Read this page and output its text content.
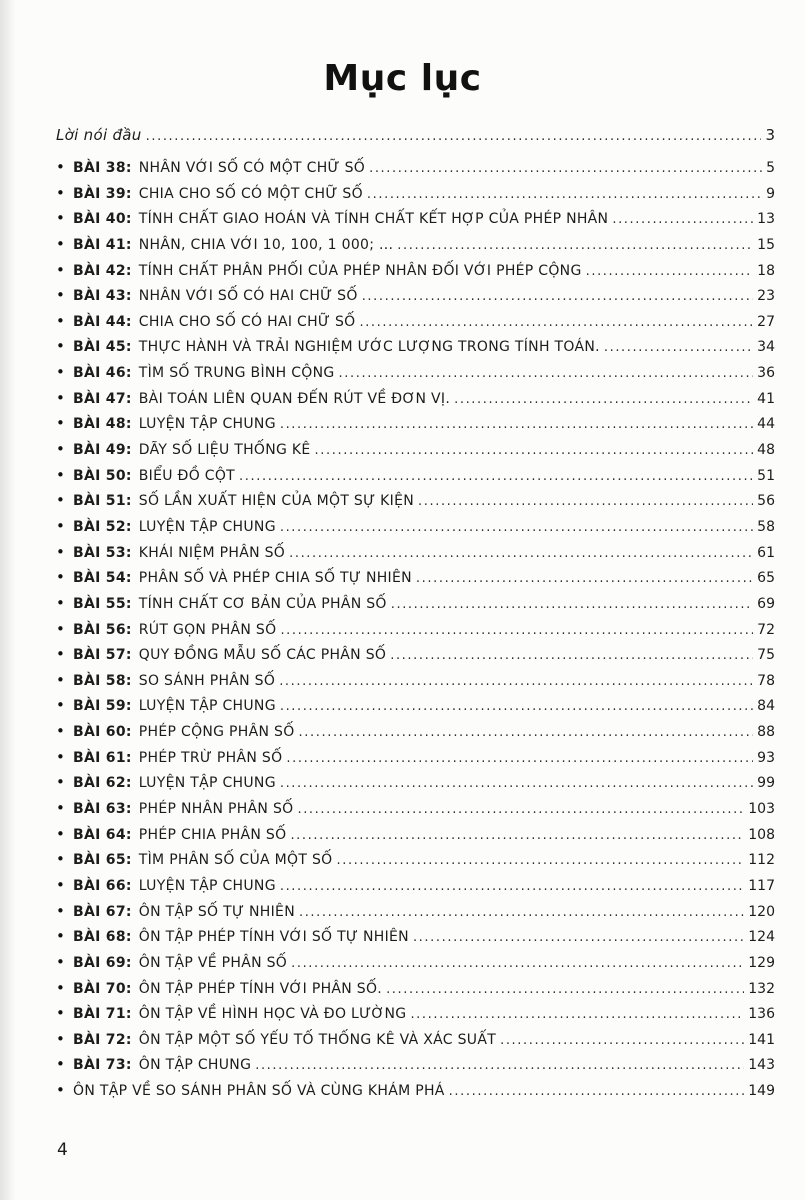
Mục lục
Lời nói đầu .....	3
• BÀI 38: NHÂN VỚI SỐ CÓ MỘT CHỮ SỐ .....	5
• BÀI 39: CHIA CHO SỐ CÓ MỘT CHỮ SỐ .....	9
• BÀI 40: TÍNH CHẤT GIAO HOÁN VÀ TÍNH CHẤT KẾT HỢP CỦA PHÉP NHÂN .....	13
• BÀI 41: NHÂN, CHIA VỚI 10, 100, 1 000; ... .....	15
• BÀI 42: TÍNH CHẤT PHÂN PHỐI CỦA PHÉP NHÂN ĐỐI VỚI PHÉP CỘNG .....	18
• BÀI 43: NHÂN VỚI SỐ CÓ HAI CHỮ SỐ .....	23
• BÀI 44: CHIA CHO SỐ CÓ HAI CHỮ SỐ .....	27
• BÀI 45: THỰC HÀNH VÀ TRẢI NGHIỆM ƯỚC LƯỢNG TRONG TÍNH TOÁN. .....	34
• BÀI 46: TÌM SỐ TRUNG BÌNH CỘNG .....	36
• BÀI 47: BÀI TOÁN LIÊN QUAN ĐẾN RÚT VỀ ĐƠN VỊ. .....	41
• BÀI 48: LUYỆN TẬP CHUNG .....	44
• BÀI 49: DÃY SỐ LIỆU THỐNG KÊ .....	48
• BÀI 50: BIỂU ĐỒ CỘT .....	51
• BÀI 51: SỐ LẦN XUẤT HIỆN CỦA MỘT SỰ KIỆN .....	56
• BÀI 52: LUYỆN TẬP CHUNG .....	58
• BÀI 53: KHÁI NIỆM PHÂN SỐ .....	61
• BÀI 54: PHÂN SỐ VÀ PHÉP CHIA SỐ TỰ NHIÊN .....	65
• BÀI 55: TÍNH CHẤT CƠ BẢN CỦA PHÂN SỐ .....	69
• BÀI 56: RÚT GỌN PHÂN SỐ .....	72
• BÀI 57: QUY ĐỒNG MẪU SỐ CÁC PHÂN SỐ .....	75
• BÀI 58: SO SÁNH PHÂN SỐ .....	78
• BÀI 59: LUYỆN TẬP CHUNG .....	84
• BÀI 60: PHÉP CỘNG PHÂN SỐ .....	88
• BÀI 61: PHÉP TRỪ PHÂN SỐ .....	93
• BÀI 62: LUYỆN TẬP CHUNG .....	99
• BÀI 63: PHÉP NHÂN PHÂN SỐ .....	103
• BÀI 64: PHÉP CHIA PHÂN SỐ .....	108
• BÀI 65: TÌM PHÂN SỐ CỦA MỘT SỐ .....	112
• BÀI 66: LUYỆN TẬP CHUNG .....	117
• BÀI 67: ÔN TẬP SỐ TỰ NHIÊN .....	120
• BÀI 68: ÔN TẬP PHÉP TÍNH VỚI SỐ TỰ NHIÊN .....	124
• BÀI 69: ÔN TẬP VỀ PHÂN SỐ .....	129
• BÀI 70: ÔN TẬP PHÉP TÍNH VỚI PHÂN SỐ. .....	132
• BÀI 71: ÔN TẬP VỀ HÌNH HỌC VÀ ĐO LƯỜNG .....	136
• BÀI 72: ÔN TẬP MỘT SỐ YẾU TỐ THỐNG KÊ VÀ XÁC SUẤT .....	141
• BÀI 73: ÔN TẬP CHUNG .....	143
• ÔN TẬP VỀ SO SÁNH PHÂN SỐ VÀ CÙNG KHÁM PHÁ .....	149
4
